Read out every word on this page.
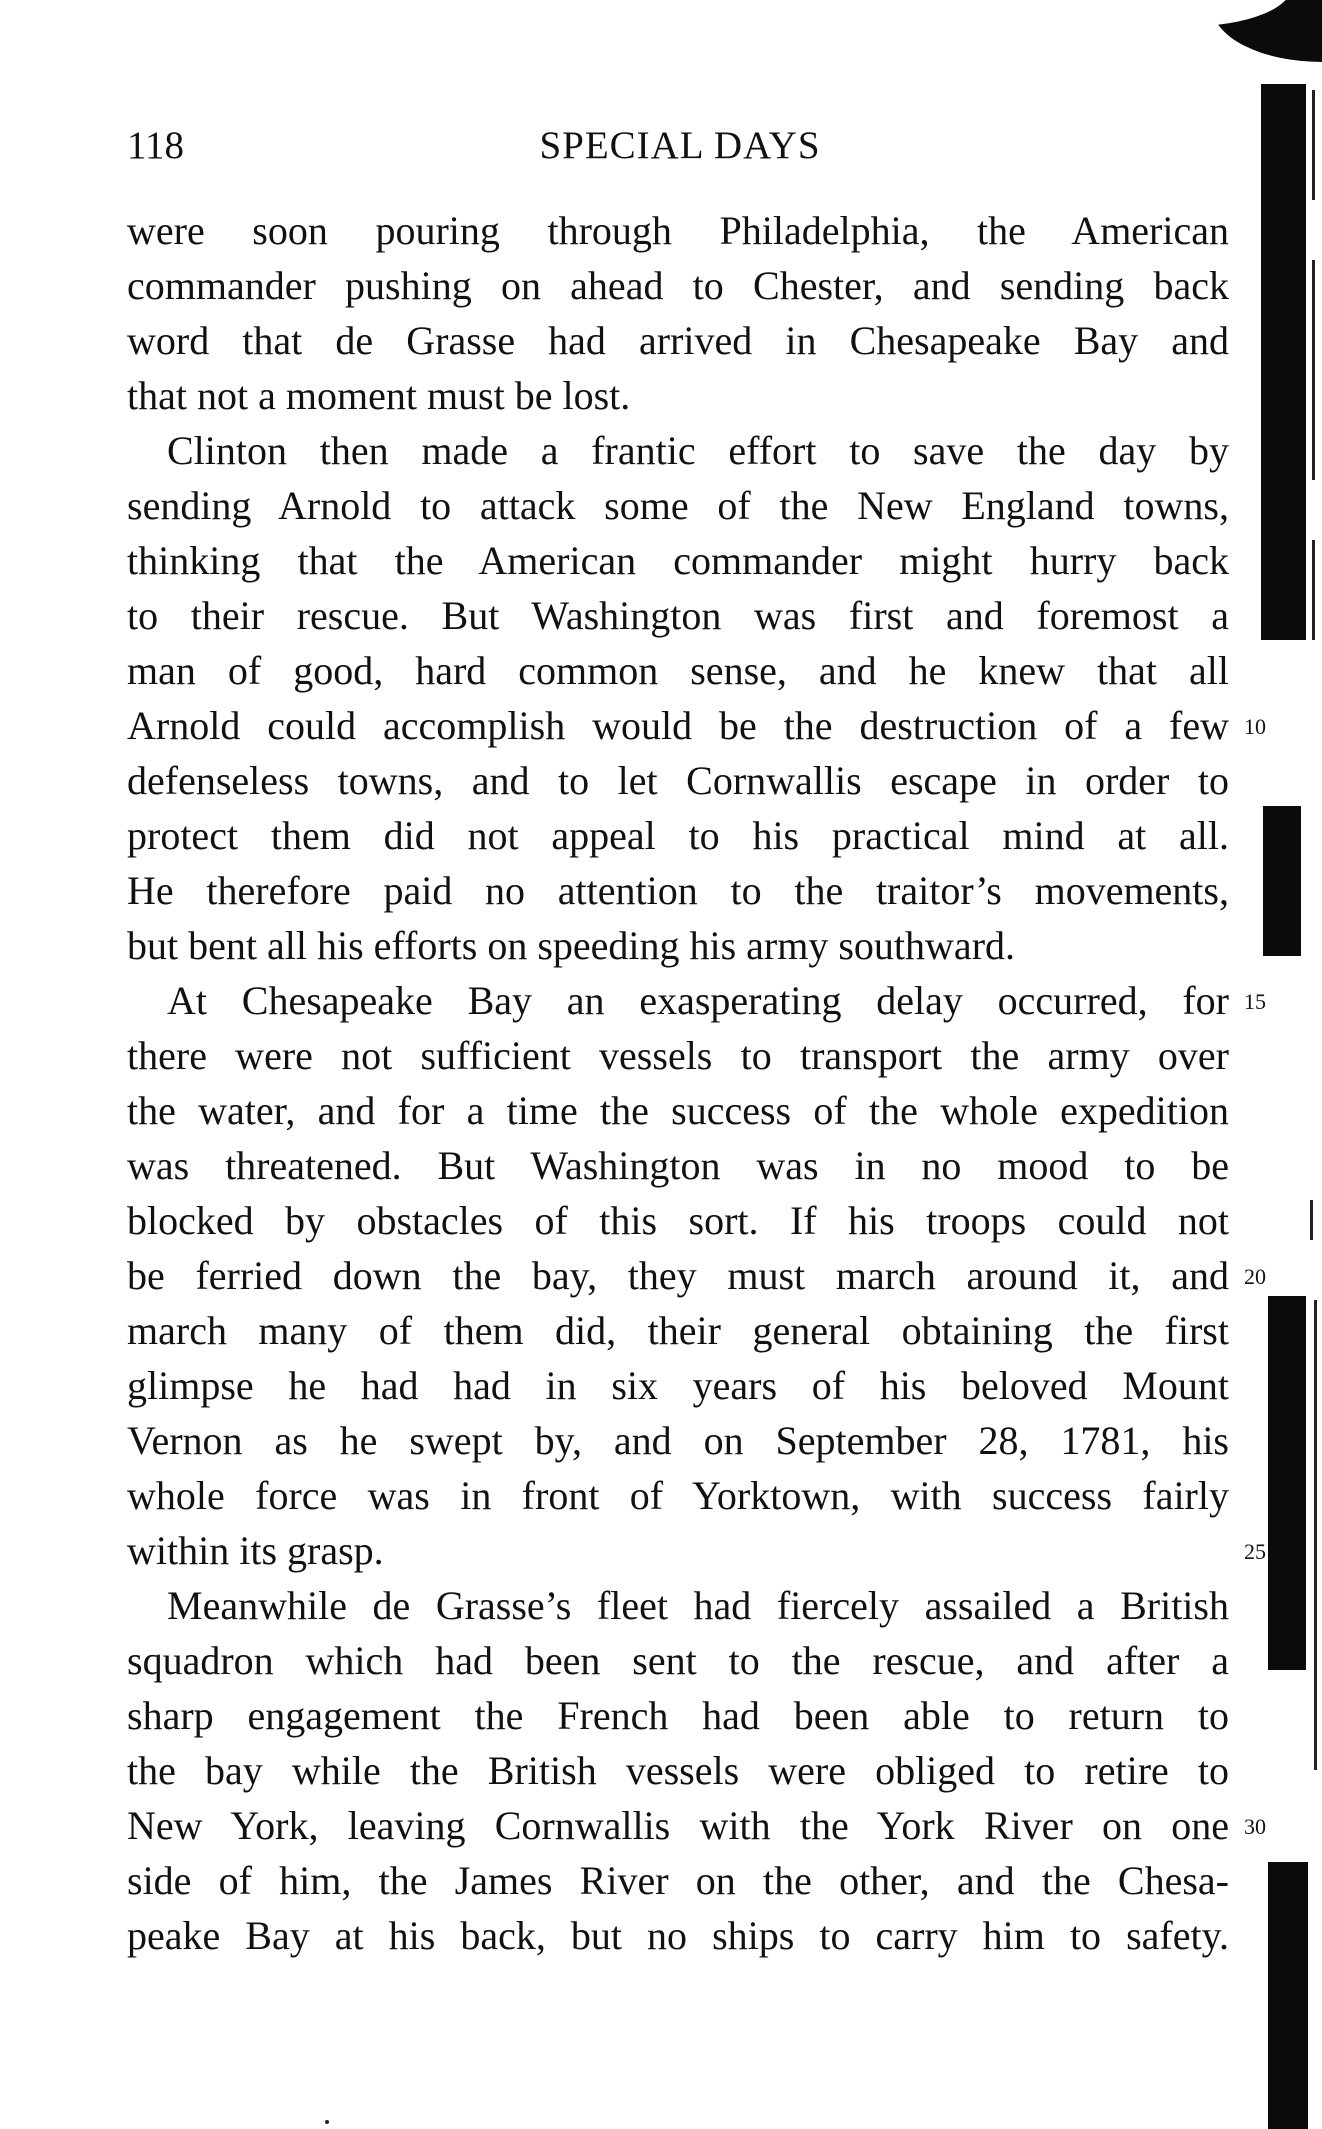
118	SPECIAL DAYS
were soon pouring through Philadelphia, the American
commander pushing on ahead to Chester, and sending back
word that de Grasse had arrived in Chesapeake Bay and
that not a moment must be lost.
Clinton then made a frantic effort to save the day by
sending Arnold to attack some of the New England towns,
thinking that the American commander might hurry back
to their rescue. But Washington was first and foremost a
man of good, hard common sense, and he knew that all
Arnold could accomplish would be the destruction of a few 10
defenseless towns, and to let Cornwallis escape in order to
protect them did not appeal to his practical mind at all.
He therefore paid no attention to the traitor’s movements,
but bent all his efforts on speeding his army southward.
At Chesapeake Bay an exasperating delay occurred, for 15
there were not sufficient vessels to transport the army over
the water, and for a time the success of the whole expedition
was threatened. But Washington was in no mood to be
blocked by obstacles of this sort. If his troops could not
be ferried down the bay, they must march around it, and 20
march many of them did, their general obtaining the first
glimpse he had had in six years of his beloved Mount
Vernon as he swept by, and on September 28, 1781, his
whole force was in front of Yorktown, with success fairly
within its grasp.	25
Meanwhile de Grasse’s fleet had fiercely assailed a British
squadron which had been sent to the rescue, and after a
sharp engagement the French had been able to return to
the bay while the British vessels were obliged to retire to
New York, leaving Cornwallis with the York River on one 30
side of him, the James River on the other, and the Chesa-
peake Bay at his back, but no ships to carry him to safety.
